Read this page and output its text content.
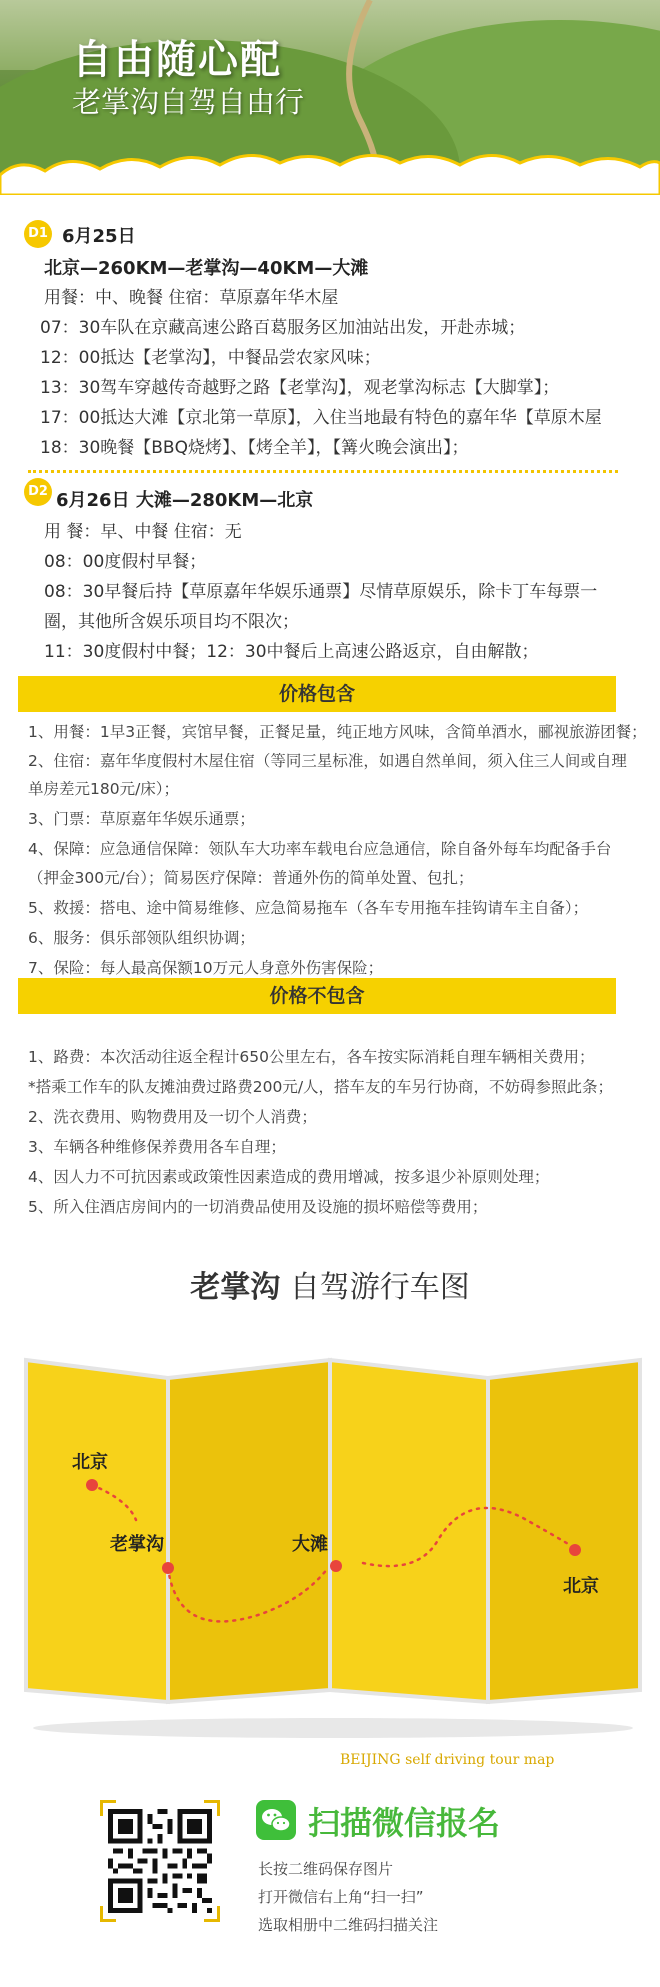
自由随心配
老掌沟自驾自由行
D1 6月25日
北京—260KM—老掌沟—40KM—大滩
用餐：中、晚餐 住宿：草原嘉年华木屋
07：30车队在京藏高速公路百葛服务区加油站出发，开赴赤城；
12：00抵达【老掌沟】，中餐品尝农家风味；
13：30驾车穿越传奇越野之路【老掌沟】，观老掌沟标志【大脚掌】；
17：00抵达大滩【京北第一草原】，入住当地最有特色的嘉年华【草原木屋
18：30晚餐【BBQ烧烤】、【烤全羊】，【篝火晚会演出】；
D2 6月26日 大滩—280KM—北京
用 餐：早、中餐 住宿：无
08：00度假村早餐；
08：30早餐后持【草原嘉年华娱乐通票】尽情草原娱乐，除卡丁车每票一
圈，其他所含娱乐项目均不限次；
11：30度假村中餐；12：30中餐后上高速公路返京，自由解散；
价格包含
1、用餐：1早3正餐，宾馆早餐，正餐足量，纯正地方风味，含简单酒水，郦视旅游团餐；
2、住宿：嘉年华度假村木屋住宿（等同三星标准，如遇自然单间，须入住三人间或自理
单房差元180元/床）；
3、门票：草原嘉年华娱乐通票；
4、保障：应急通信保障：领队车大功率车载电台应急通信，除自备外每车均配备手台
（押金300元/台）；简易医疗保障：普通外伤的简单处置、包扎；
5、救援：搭电、途中简易维修、应急简易拖车（各车专用拖车挂钩请车主自备）；
6、服务：俱乐部领队组织协调；
7、保险：每人最高保额10万元人身意外伤害保险；
价格不包含
1、路费：本次活动往返全程计650公里左右，各车按实际消耗自理车辆相关费用；
*搭乘工作车的队友摊油费过路费200元/人，搭车友的车另行协商，不妨碍参照此条；
2、洗衣费用、购物费用及一切个人消费；
3、车辆各种维修保养费用各车自理；
4、因人力不可抗因素或政策性因素造成的费用增减，按多退少补原则处理；
5、所入住酒店房间内的一切消费品使用及设施的损坏赔偿等费用；
老掌沟 自驾游行车图
北京
老掌沟	大滩
北京
BEIJING self driving tour map
扫描微信报名
长按二维码保存图片
打开微信右上角“扫一扫”
选取相册中二维码扫描关注
